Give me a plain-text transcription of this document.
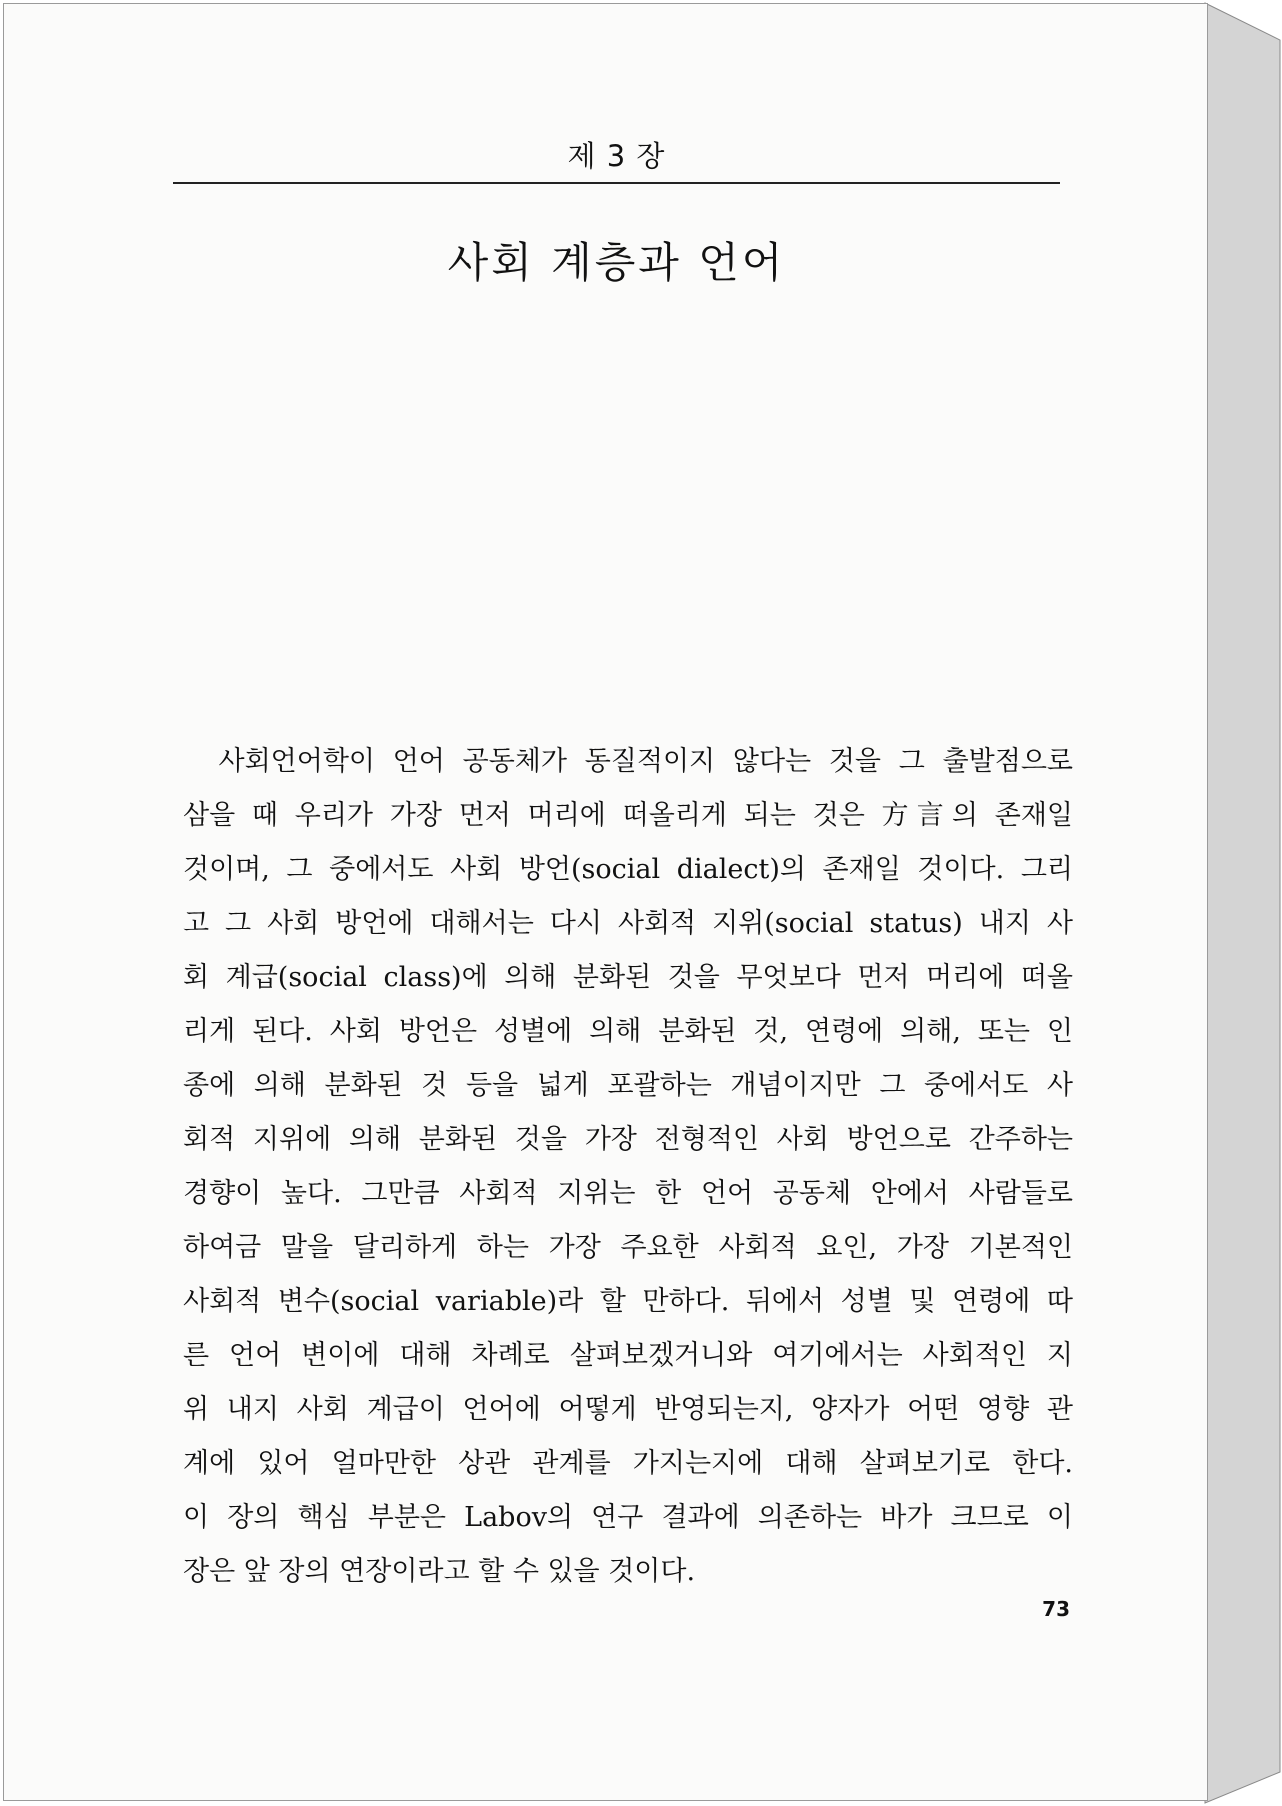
제 3 장
사회 계층과 언어
사회언어학이 언어 공동체가 동질적이지 않다는 것을 그 출발점으로
삼을 때 우리가 가장 먼저 머리에 떠올리게 되는 것은 方言의 존재일
것이며, 그 중에서도 사회 방언(social dialect)의 존재일 것이다. 그리
고 그 사회 방언에 대해서는 다시 사회적 지위(social status) 내지 사
회 계급(social class)에 의해 분화된 것을 무엇보다 먼저 머리에 떠올
리게 된다. 사회 방언은 성별에 의해 분화된 것, 연령에 의해, 또는 인
종에 의해 분화된 것 등을 넓게 포괄하는 개념이지만 그 중에서도 사
회적 지위에 의해 분화된 것을 가장 전형적인 사회 방언으로 간주하는
경향이 높다. 그만큼 사회적 지위는 한 언어 공동체 안에서 사람들로
하여금 말을 달리하게 하는 가장 주요한 사회적 요인, 가장 기본적인
사회적 변수(social variable)라 할 만하다. 뒤에서 성별 및 연령에 따
른 언어 변이에 대해 차례로 살펴보겠거니와 여기에서는 사회적인 지
위 내지 사회 계급이 언어에 어떻게 반영되는지, 양자가 어떤 영향 관
계에 있어 얼마만한 상관 관계를 가지는지에 대해 살펴보기로 한다.
이 장의 핵심 부분은 Labov의 연구 결과에 의존하는 바가 크므로 이
장은 앞 장의 연장이라고 할 수 있을 것이다.
73
